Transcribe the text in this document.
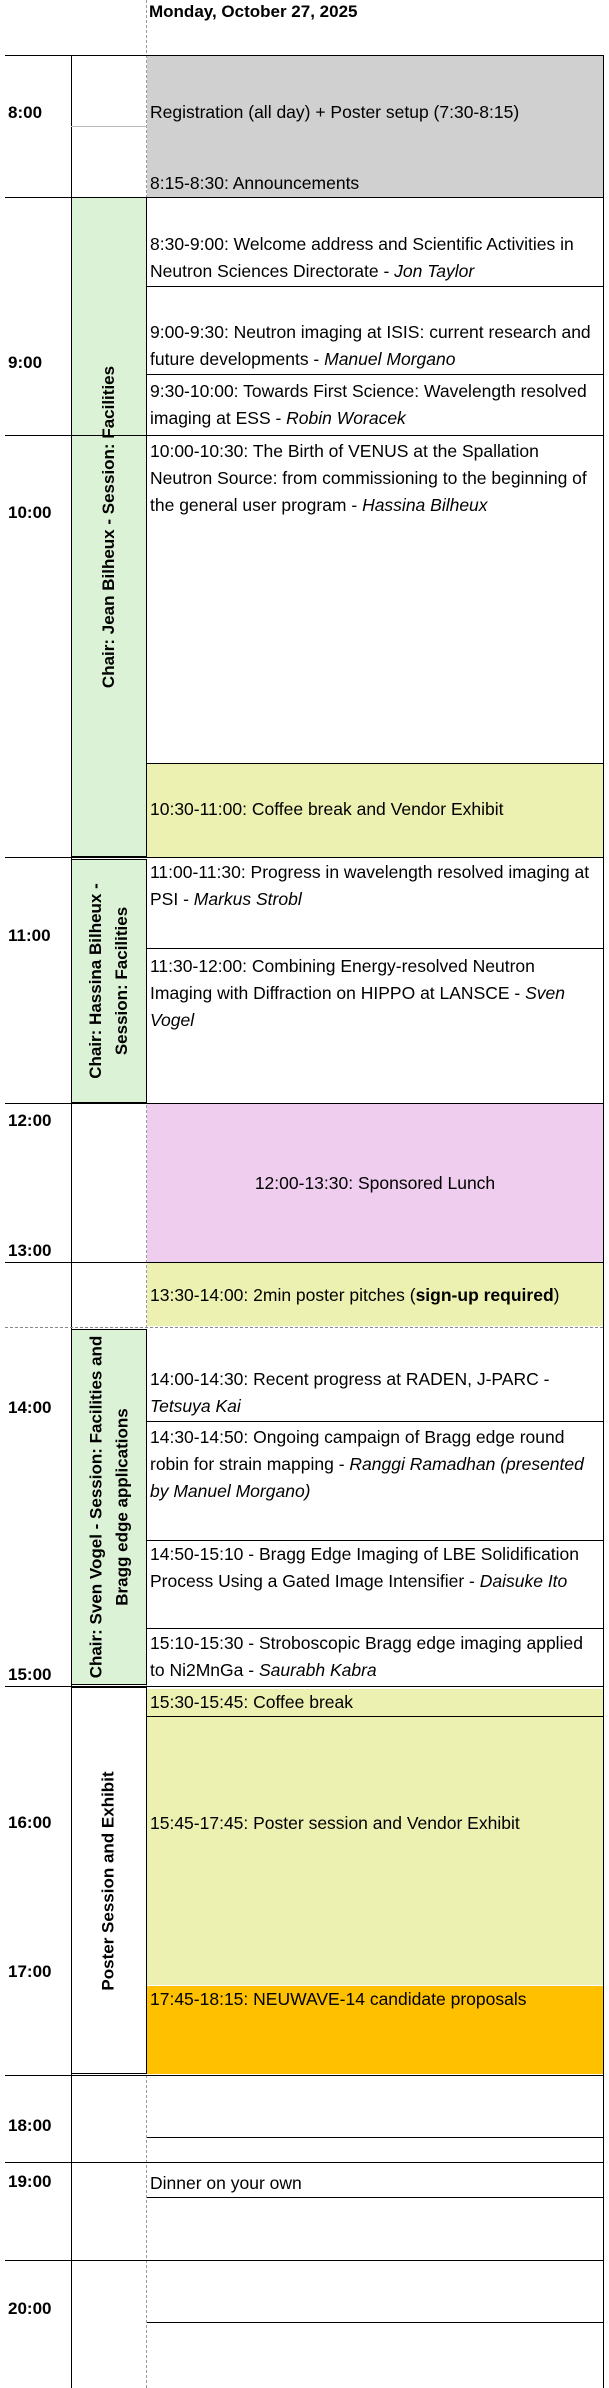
Monday, October 27, 2025
Chair: Jean Bilheux - Session: Facilities
Chair: Hassina Bilheux - Session: Facilities
Chair: Sven Vogel - Session: Facilities and Bragg edge applications
Poster Session and Exhibit
8:00
9:00
10:00
11:00
12:00
13:00
14:00
15:00
16:00
17:00
18:00
19:00
20:00
Registration (all day) + Poster setup (7:30-8:15)
8:15-8:30: Announcements
8:30-9:00: Welcome address and Scientific Activities in Neutron Sciences Directorate - Jon Taylor
9:00-9:30: Neutron imaging at ISIS: current research and future developments - Manuel Morgano
9:30-10:00: Towards First Science: Wavelength resolved imaging at ESS - Robin Woracek
10:00-10:30: The Birth of VENUS at the Spallation Neutron Source: from commissioning to the beginning of the general user program - Hassina Bilheux
10:30-11:00: Coffee break and Vendor Exhibit
11:00-11:30: Progress in wavelength resolved imaging at PSI - Markus Strobl
11:30-12:00: Combining Energy-resolved Neutron Imaging with Diffraction on HIPPO at LANSCE - Sven Vogel
12:00-13:30: Sponsored Lunch
13:30-14:00: 2min poster pitches (sign-up required)
14:00-14:30: Recent progress at RADEN, J-PARC - Tetsuya Kai
14:30-14:50: Ongoing campaign of Bragg edge round robin for strain mapping - Ranggi Ramadhan (presented by Manuel Morgano)
14:50-15:10 - Bragg Edge Imaging of LBE Solidification Process Using a Gated Image Intensifier - Daisuke Ito
15:10-15:30 - Stroboscopic Bragg edge imaging applied to Ni2MnGa - Saurabh Kabra
15:30-15:45: Coffee break
15:45-17:45: Poster session and Vendor Exhibit
17:45-18:15: NEUWAVE-14 candidate proposals
Dinner on your own
